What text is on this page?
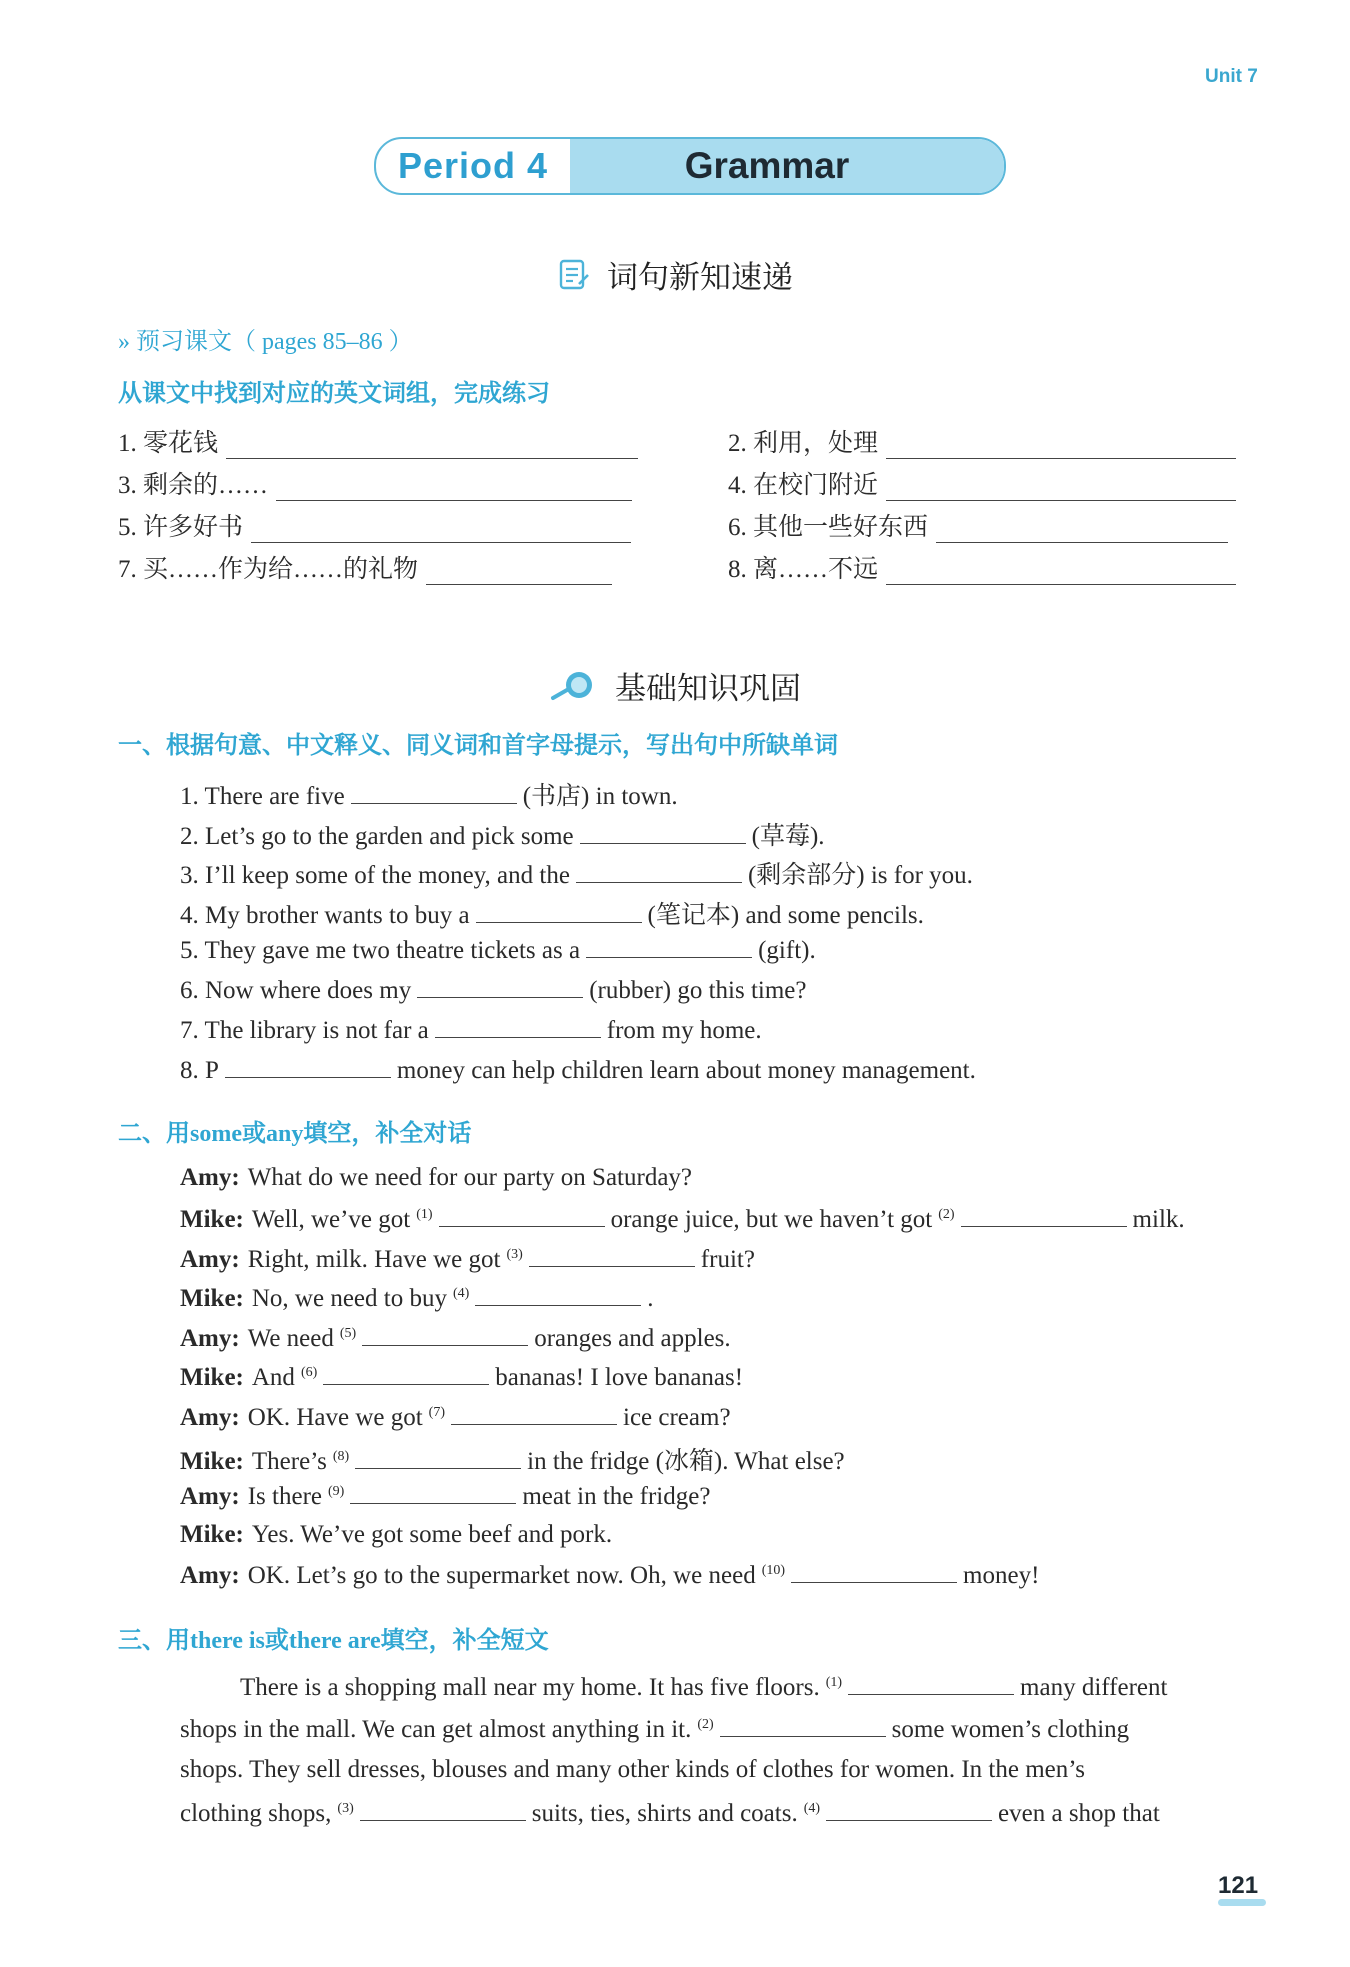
Unit 7
Period 4	Grammar
词句新知速递
» 预习课文（ pages 85–86 ）
从课文中找到对应的英文词组，完成练习
1. 零花钱	2. 利用，处理
3. 剩余的……	4. 在校门附近
5. 许多好书	6. 其他一些好东西
7. 买……作为给……的礼物	8. 离……不远
基础知识巩固
一、根据句意、中文释义、同义词和首字母提示，写出句中所缺单词
1. There are five	(书店) in town.
2. Let’s go to the garden and pick some	(草莓).
3. I’ll keep some of the money, and the	(剩余部分) is for you.
4. My brother wants to buy a	(笔记本) and some pencils.
5. They gave me two theatre tickets as a	(gift).
6. Now where does my	(rubber) go this time?
7. The library is not far a	from my home.
8. P	money can help children learn about money management.
二、用some或any填空，补全对话
Amy: What do we need for our party on Saturday?
Mike: Well, we’ve got $^{(1)}$	orange juice, but we haven’t got $^{(2)}$	milk.
Amy: Right, milk. Have we got $^{(3)}$	fruit?
Mike: No, we need to buy $^{(4)}$	.
Amy: We need $^{(5)}$	oranges and apples.
Mike: And $^{(6)}$	bananas! I love bananas!
Amy: OK. Have we got $^{(7)}$	ice cream?
Mike: There’s $^{(8)}$	in the fridge (冰箱). What else?
Amy: Is there $^{(9)}$	meat in the fridge?
Mike: Yes. We’ve got some beef and pork.
Amy: OK. Let’s go to the supermarket now. Oh, we need $^{(10)}$	money!
三、用there is或there are填空，补全短文
There is a shopping mall near my home. It has five floors. $^{(1)}$	many different
shops in the mall. We can get almost anything in it. $^{(2)}$	some women’s clothing
shops. They sell dresses, blouses and many other kinds of clothes for women. In the men’s
clothing shops, $^{(3)}$	suits, ties, shirts and coats. $^{(4)}$	even a shop that
121
